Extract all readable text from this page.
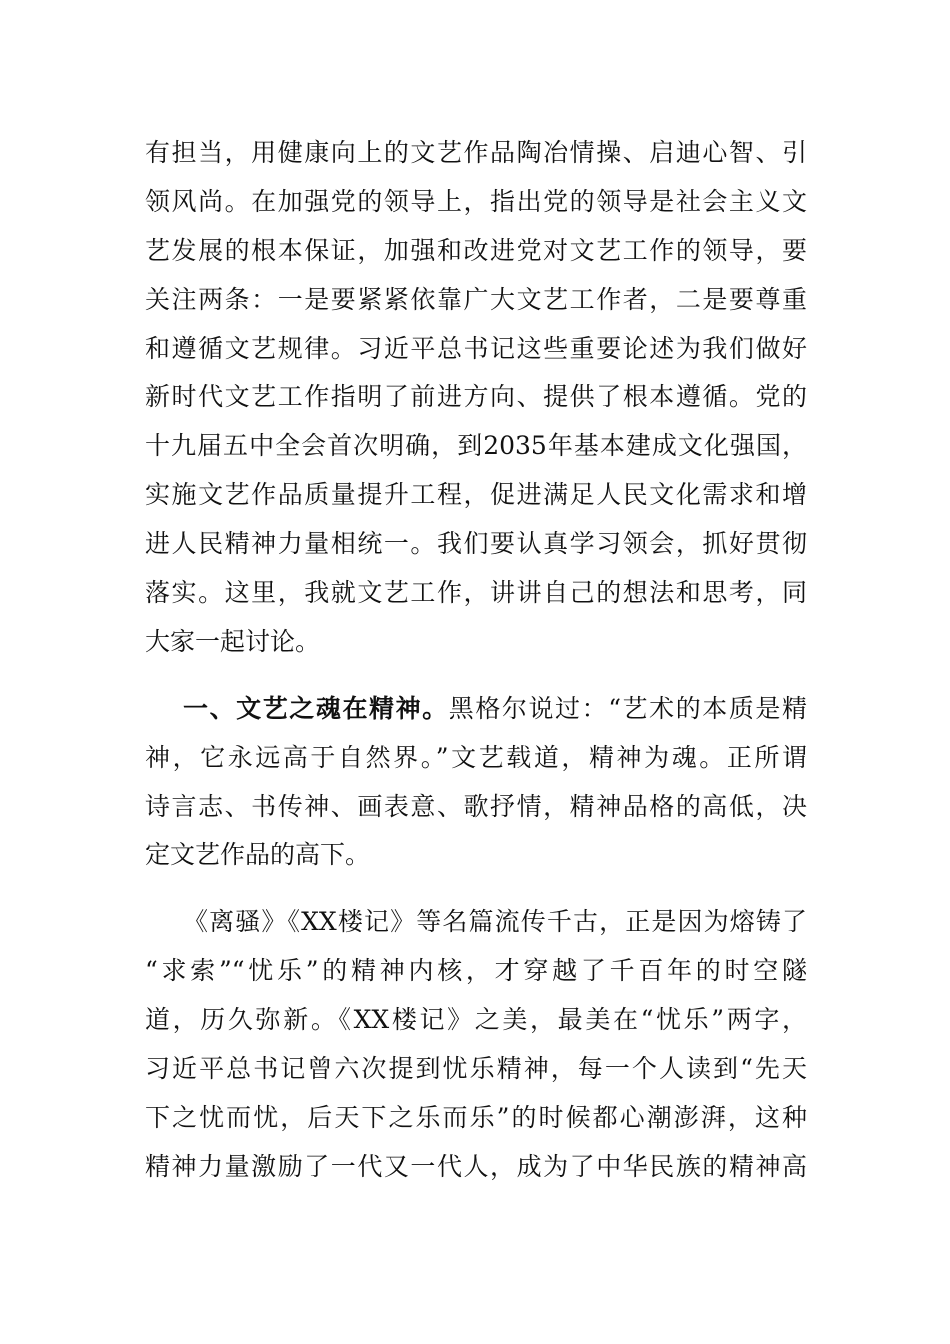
有担当，用健康向上的文艺作品陶冶情操、启迪心智、引
领风尚。在加强党的领导上，指出党的领导是社会主义文
艺发展的根本保证，加强和改进党对文艺工作的领导，要
关注两条：一是要紧紧依靠广大文艺工作者，二是要尊重
和遵循文艺规律。习近平总书记这些重要论述为我们做好
新时代文艺工作指明了前进方向、提供了根本遵循。党的
十九届五中全会首次明确，到2035年基本建成文化强国，
实施文艺作品质量提升工程，促进满足人民文化需求和增
进人民精神力量相统一。我们要认真学习领会，抓好贯彻
落实。这里，我就文艺工作，讲讲自己的想法和思考，同
大家一起讨论。
一、文艺之魂在精神。黑格尔说过：“艺术的本质是精
神，它永远高于自然界。”文艺载道，精神为魂。正所谓
诗言志、书传神、画表意、歌抒情，精神品格的高低，决
定文艺作品的高下。
《离骚》《XX楼记》等名篇流传千古，正是因为熔铸了
“求索”“忧乐”的精神内核，才穿越了千百年的时空隧
道，历久弥新。《XX楼记》之美，最美在“忧乐”两字，
习近平总书记曾六次提到忧乐精神，每一个人读到“先天
下之忧而忧，后天下之乐而乐”的时候都心潮澎湃，这种
精神力量激励了一代又一代人，成为了中华民族的精神高
